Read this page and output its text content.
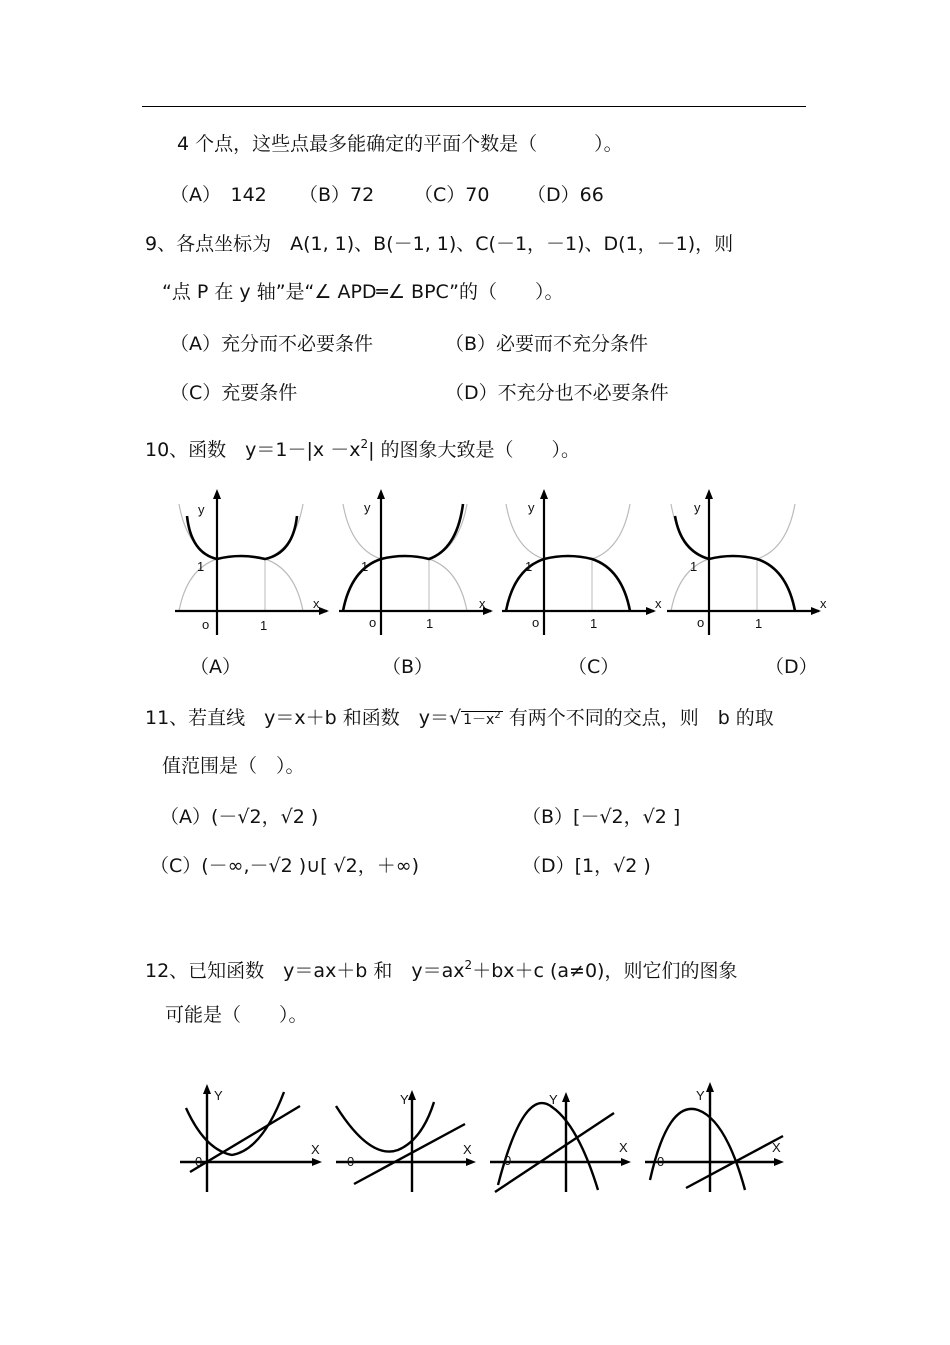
4 个点，这些点最多能确定的平面个数是（　　　）。
（A）　142 （B）72 （C）70 （D）66
9、各点坐标为　A(1, 1)、B(－1, 1)、C(－1，－1)、D(1，－1)，则
“点 P 在 y 轴”是“∠ APD═∠ BPC”的（　　）。
（A）充分而不必要条件	（B）必要而不充分条件
（C）充要条件	（D）不充分也不必要条件
10、函数　$y=1-|x -x^2|$ 的图象大致是（　　）。
y
x
o	1
1
y
x
o	1
1
y
x
o	1
1
y
x
o	1
1
（A）	（B）	（C）	（D）
11、若直线　y＝x＋b 和函数　y＝√ $1-x^2$ 有两个不同的交点，则　b 的取
值范围是（　）。
（A）(－√2，√2 )	（B）[－√2，√2 ]
（C）(－∞,－√2 )∪[ √2，＋∞)	（D）[1，√2 )
12、已知函数　y＝ax＋b 和　$y=ax^2+bx+c$ (a≠0)，则它们的图象
可能是（　　）。
Y
X
0
Y
X
0
Y
X
0
Y
X
0
